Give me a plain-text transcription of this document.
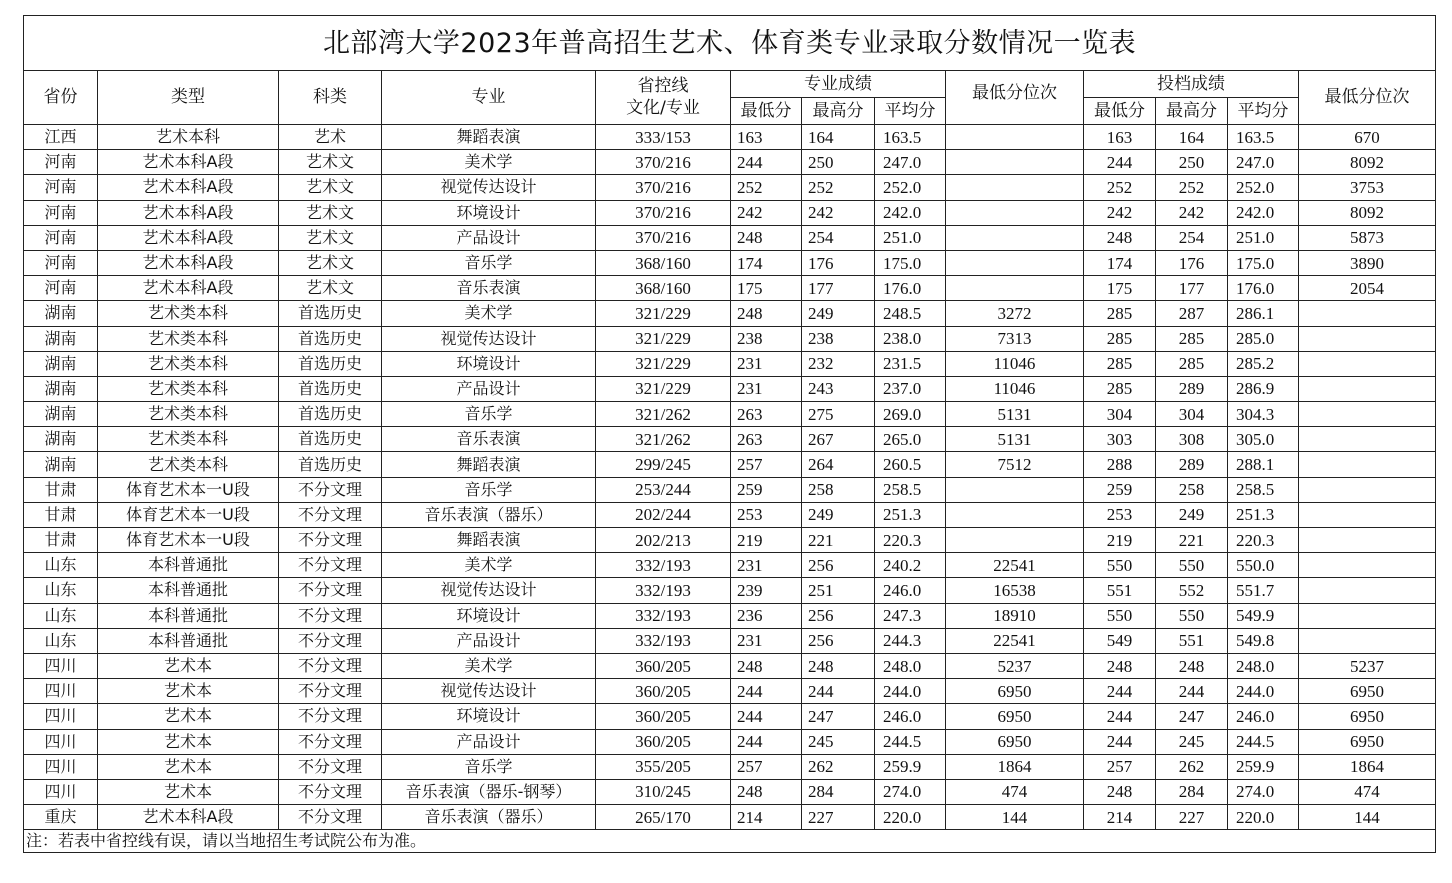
北部湾大学2023年普高招生艺术、体育类专业录取分数情况一览表												
省份	类型	科类	专业	省控线
文化/专业	专业成绩			最低分位次	投档成绩			最低分位次
					最低分	最高分	平均分		最低分	最高分	平均分	
江西	艺术本科	艺术	舞蹈表演	333/153	163	164	163.5		163	164	163.5	670
河南	艺术本科A段	艺术文	美术学	370/216	244	250	247.0		244	250	247.0	8092
河南	艺术本科A段	艺术文	视觉传达设计	370/216	252	252	252.0		252	252	252.0	3753
河南	艺术本科A段	艺术文	环境设计	370/216	242	242	242.0		242	242	242.0	8092
河南	艺术本科A段	艺术文	产品设计	370/216	248	254	251.0		248	254	251.0	5873
河南	艺术本科A段	艺术文	音乐学	368/160	174	176	175.0		174	176	175.0	3890
河南	艺术本科A段	艺术文	音乐表演	368/160	175	177	176.0		175	177	176.0	2054
湖南	艺术类本科	首选历史	美术学	321/229	248	249	248.5	3272	285	287	286.1	
湖南	艺术类本科	首选历史	视觉传达设计	321/229	238	238	238.0	7313	285	285	285.0	
湖南	艺术类本科	首选历史	环境设计	321/229	231	232	231.5	11046	285	285	285.2	
湖南	艺术类本科	首选历史	产品设计	321/229	231	243	237.0	11046	285	289	286.9	
湖南	艺术类本科	首选历史	音乐学	321/262	263	275	269.0	5131	304	304	304.3	
湖南	艺术类本科	首选历史	音乐表演	321/262	263	267	265.0	5131	303	308	305.0	
湖南	艺术类本科	首选历史	舞蹈表演	299/245	257	264	260.5	7512	288	289	288.1	
甘肃	体育艺术本一U段	不分文理	音乐学	253/244	259	258	258.5		259	258	258.5	
甘肃	体育艺术本一U段	不分文理	音乐表演（器乐）	202/244	253	249	251.3		253	249	251.3	
甘肃	体育艺术本一U段	不分文理	舞蹈表演	202/213	219	221	220.3		219	221	220.3	
山东	本科普通批	不分文理	美术学	332/193	231	256	240.2	22541	550	550	550.0	
山东	本科普通批	不分文理	视觉传达设计	332/193	239	251	246.0	16538	551	552	551.7	
山东	本科普通批	不分文理	环境设计	332/193	236	256	247.3	18910	550	550	549.9	
山东	本科普通批	不分文理	产品设计	332/193	231	256	244.3	22541	549	551	549.8	
四川	艺术本	不分文理	美术学	360/205	248	248	248.0	5237	248	248	248.0	5237
四川	艺术本	不分文理	视觉传达设计	360/205	244	244	244.0	6950	244	244	244.0	6950
四川	艺术本	不分文理	环境设计	360/205	244	247	246.0	6950	244	247	246.0	6950
四川	艺术本	不分文理	产品设计	360/205	244	245	244.5	6950	244	245	244.5	6950
四川	艺术本	不分文理	音乐学	355/205	257	262	259.9	1864	257	262	259.9	1864
四川	艺术本	不分文理	音乐表演（器乐-钢琴）	310/245	248	284	274.0	474	248	284	274.0	474
重庆	艺术本科A段	不分文理	音乐表演（器乐）	265/170	214	227	220.0	144	214	227	220.0	144
注：若表中省控线有误，请以当地招生考试院公布为准。												
